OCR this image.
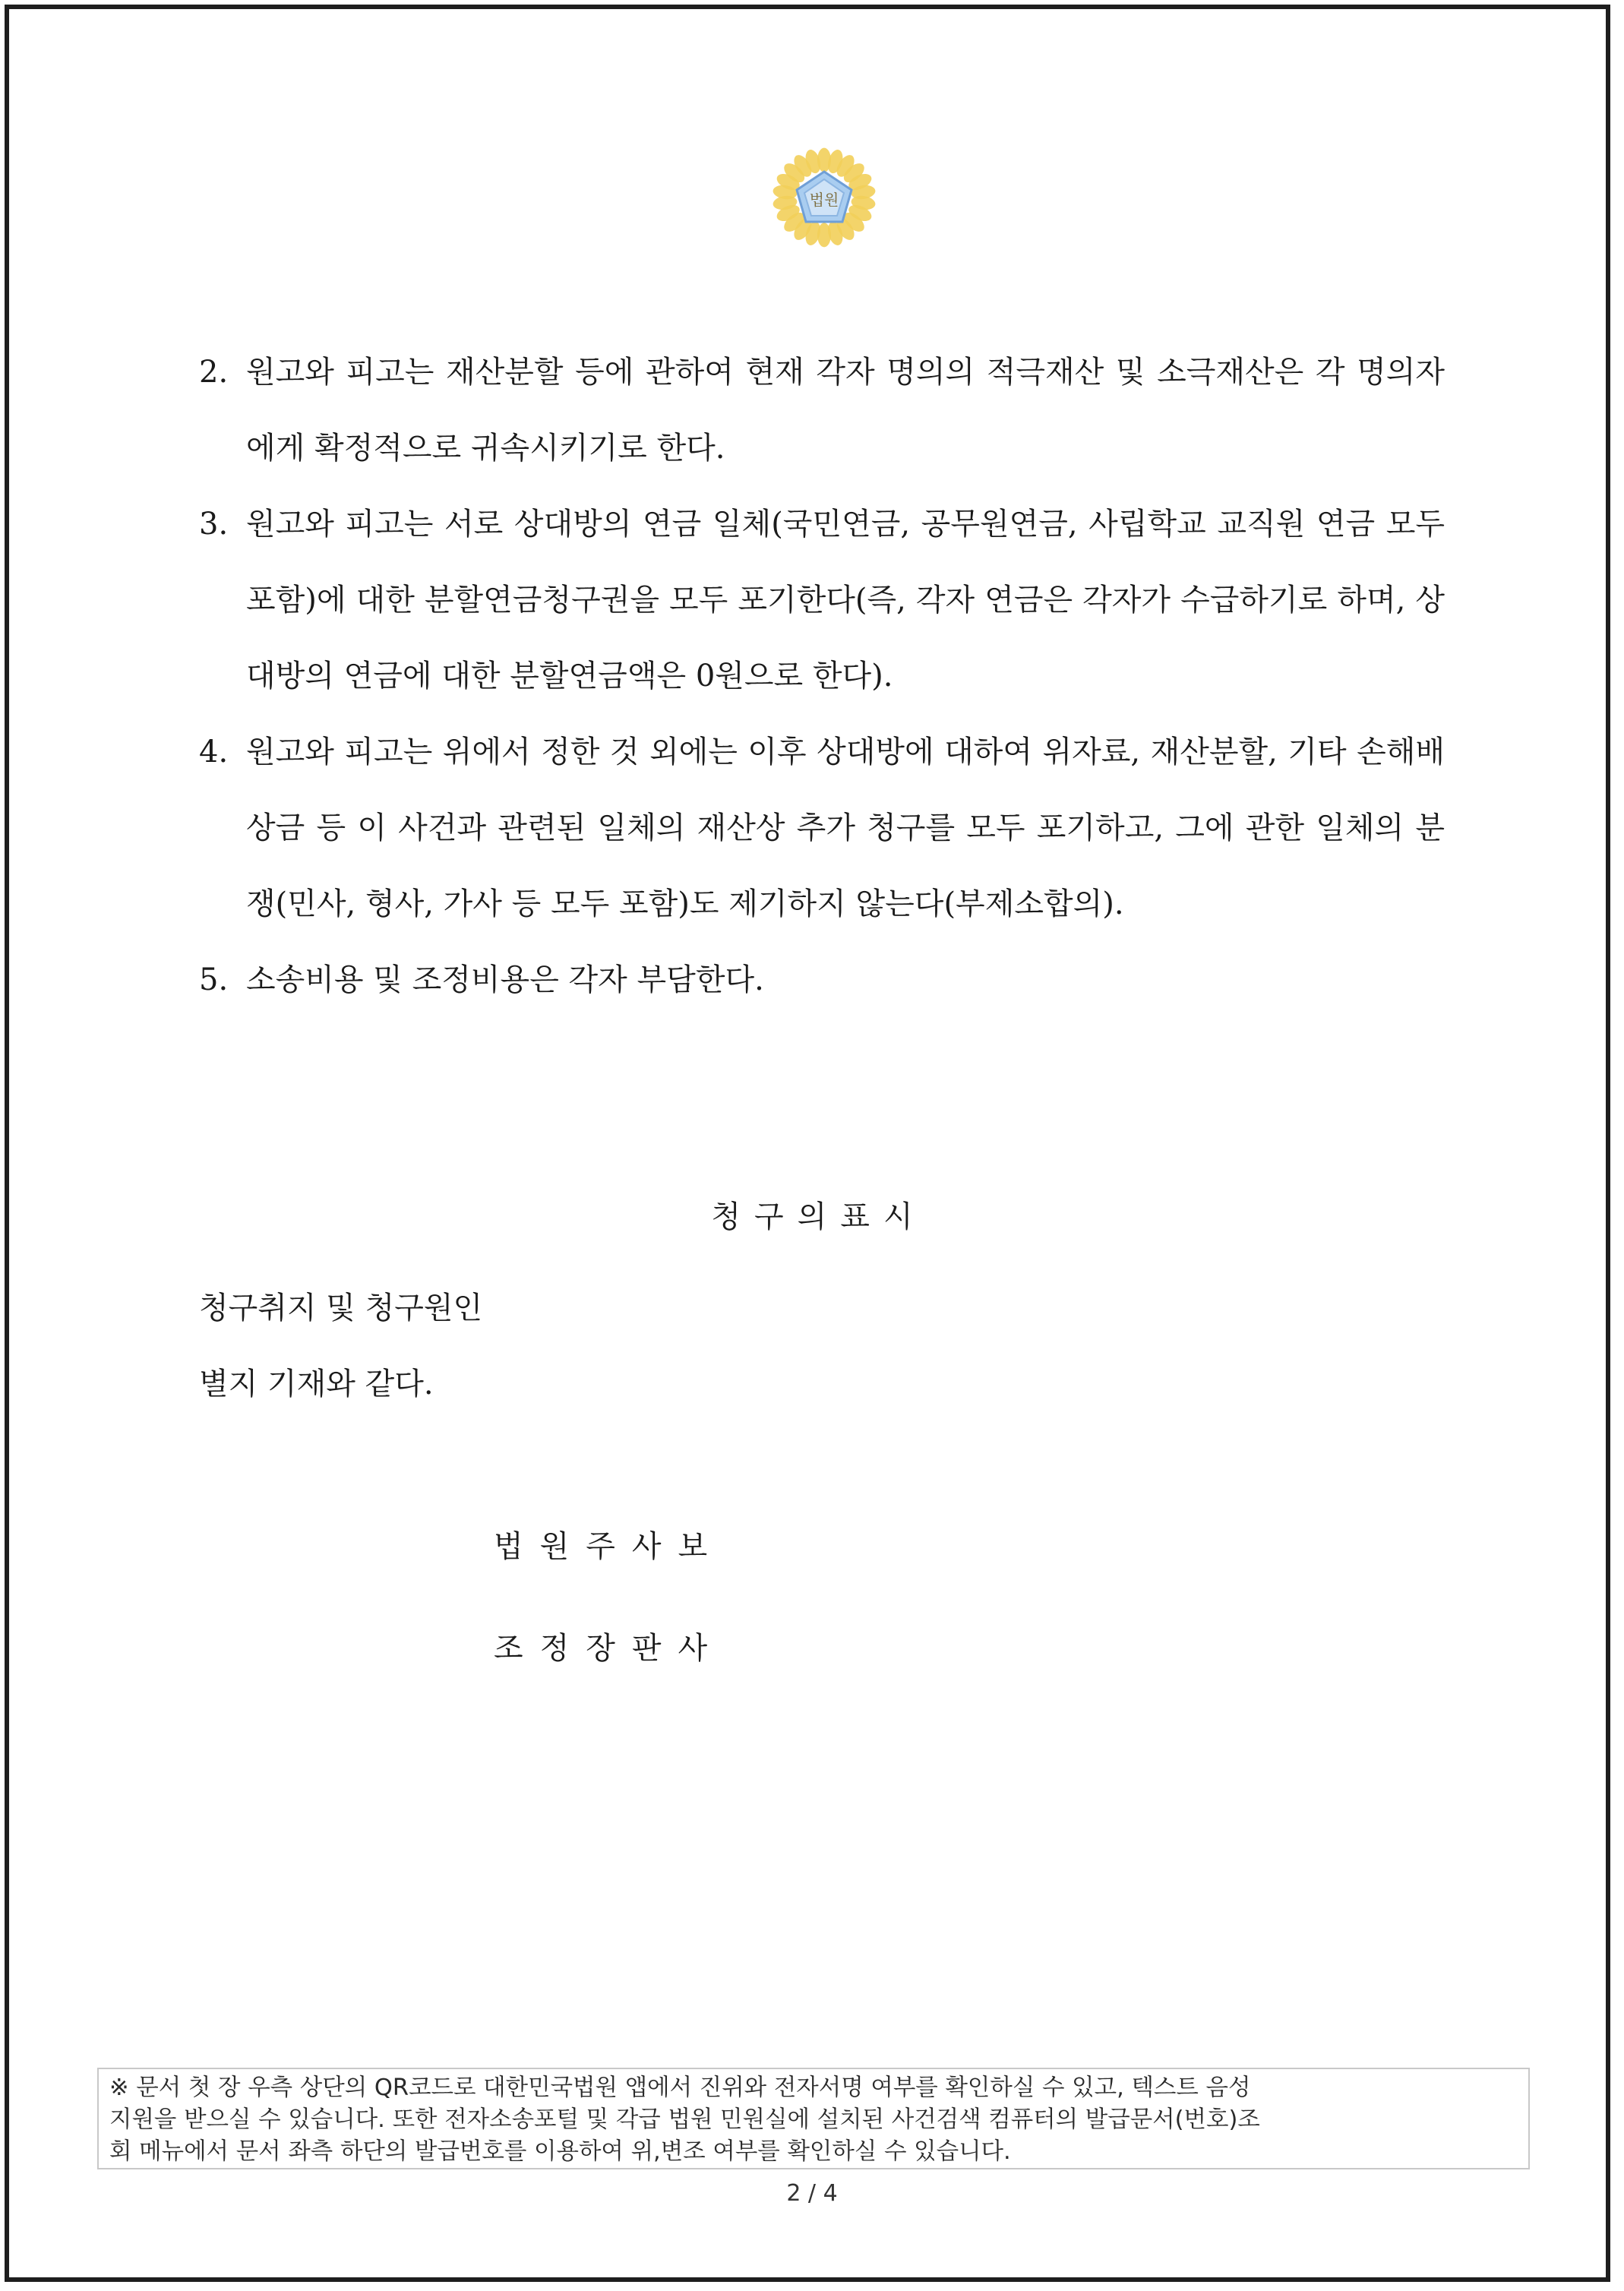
법원
2. 원고와 피고는 재산분할 등에 관하여 현재 각자 명의의 적극재산 및 소극재산은 각 명의자에게 확정적으로 귀속시키기로 한다.
3. 원고와 피고는 서로 상대방의 연금 일체(국민연금, 공무원연금, 사립학교 교직원 연금 모두 포함)에 대한 분할연금청구권을 모두 포기한다(즉, 각자 연금은 각자가 수급하기로 하며, 상대방의 연금에 대한 분할연금액은 0원으로 한다).
4. 원고와 피고는 위에서 정한 것 외에는 이후 상대방에 대하여 위자료, 재산분할, 기타 손해배상금 등 이 사건과 관련된 일체의 재산상 추가 청구를 모두 포기하고, 그에 관한 일체의 분쟁(민사, 형사, 가사 등 모두 포함)도 제기하지 않는다(부제소합의).
5. 소송비용 및 조정비용은 각자 부담한다.
청구의표시
청구취지 및 청구원인
별지 기재와 같다.
법원주사보
조정장판사
※ 문서 첫 장 우측 상단의 QR코드로 대한민국법원 앱에서 진위와 전자서명 여부를 확인하실 수 있고, 텍스트 음성
지원을 받으실 수 있습니다. 또한 전자소송포털 및 각급 법원 민원실에 설치된 사건검색 컴퓨터의 발급문서(번호)조
회 메뉴에서 문서 좌측 하단의 발급번호를 이용하여 위,변조 여부를 확인하실 수 있습니다.
2 / 4
